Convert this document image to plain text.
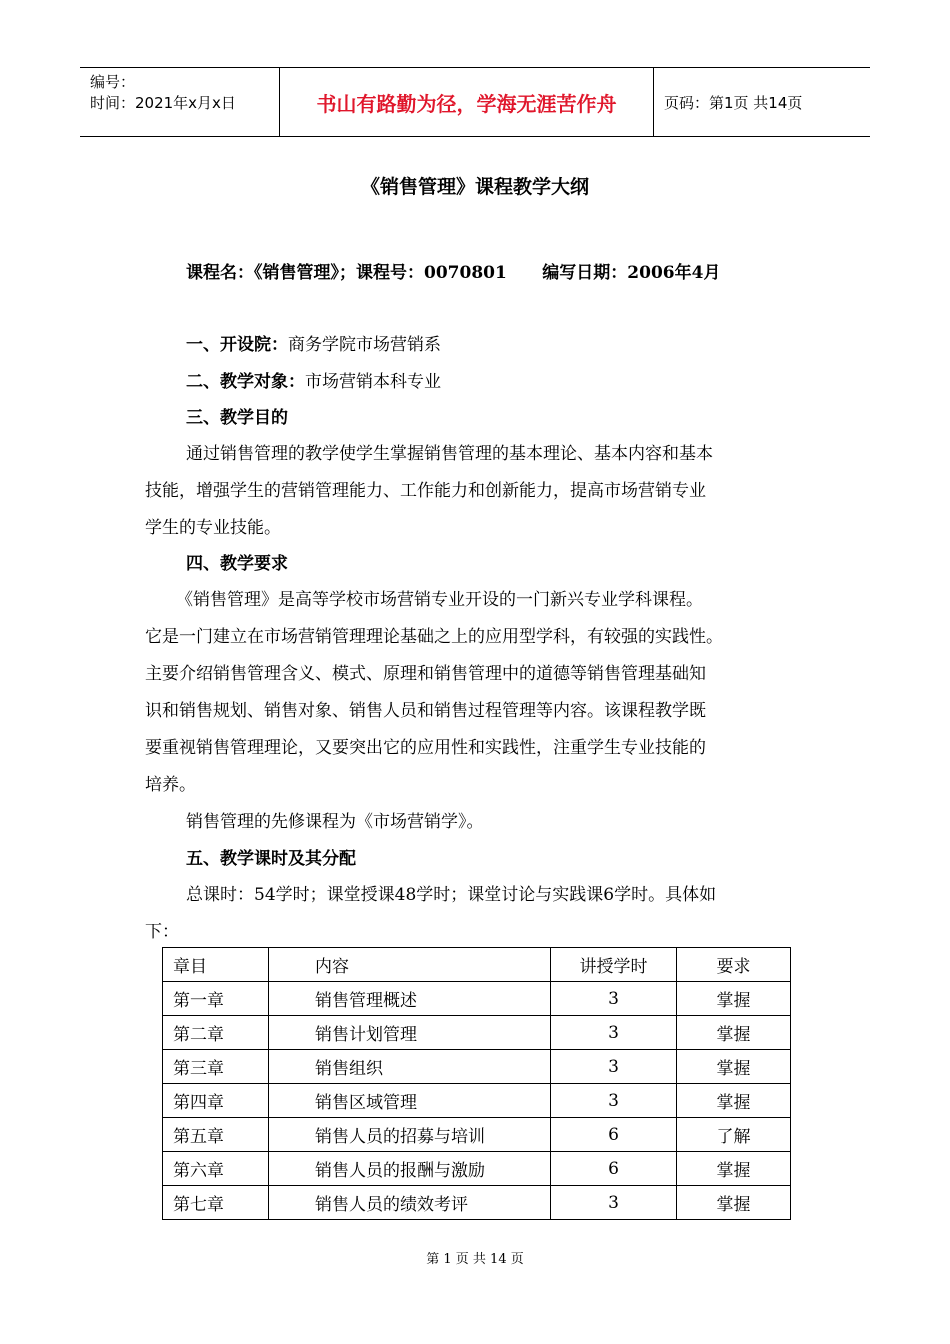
编号：
时间：2021年x月x日	书山有路勤为径，学海无涯苦作舟	页码：第1页 共14页
《销售管理》课程教学大纲
课程名：《销售管理》；课程号：0070801      编写日期：2006年4月
一、开设院：商务学院市场营销系
二、教学对象：市场营销本科专业
三、教学目的
通过销售管理的教学使学生掌握销售管理的基本理论、基本内容和基本
技能，增强学生的营销管理能力、工作能力和创新能力，提高市场营销专业
学生的专业技能。
四、教学要求
《销售管理》是高等学校市场营销专业开设的一门新兴专业学科课程。
它是一门建立在市场营销管理理论基础之上的应用型学科，有较强的实践性。
主要介绍销售管理含义、模式、原理和销售管理中的道德等销售管理基础知
识和销售规划、销售对象、销售人员和销售过程管理等内容。该课程教学既
要重视销售管理理论，又要突出它的应用性和实践性，注重学生专业技能的
培养。
销售管理的先修课程为《市场营销学》。
五、教学课时及其分配
总课时：54学时；课堂授课48学时；课堂讨论与实践课6学时。具体如
下：
章目	内容	讲授学时	要求
第一章	销售管理概述	3	掌握
第二章	销售计划管理	3	掌握
第三章	销售组织	3	掌握
第四章	销售区域管理	3	掌握
第五章	销售人员的招募与培训	6	了解
第六章	销售人员的报酬与激励	6	掌握
第七章	销售人员的绩效考评	3	掌握
第 1 页 共 14 页
